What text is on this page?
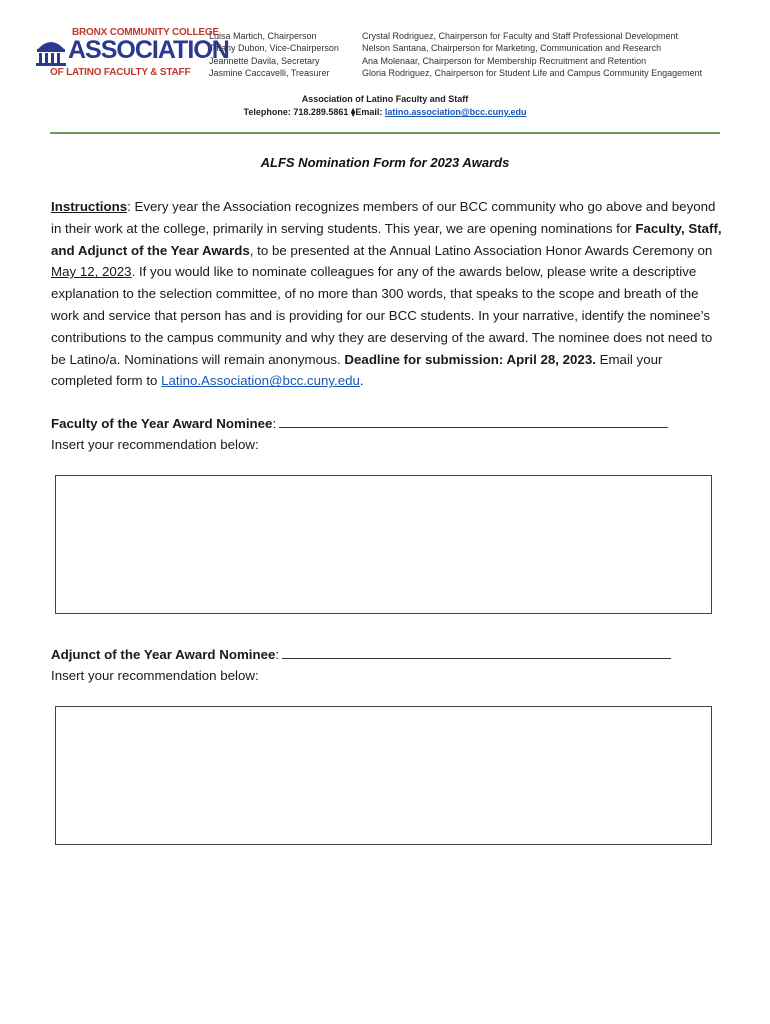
BRONX COMMUNITY COLLEGE
ASSOCIATION
OF LATINO FACULTY & STAFF
Luisa Martich, Chairperson
Tiffany Dubon, Vice-Chairperson
Jeannette Davila, Secretary
Jasmine Caccavelli, Treasurer
Crystal Rodriguez, Chairperson for Faculty and Staff Professional Development
Nelson Santana, Chairperson for Marketing, Communication and Research
Ana Molenaar, Chairperson for Membership Recruitment and Retention
Gloria Rodriguez, Chairperson for Student Life and Campus Community Engagement
Association of Latino Faculty and Staff
Telephone: 718.289.5861 ⧫Email: latino.association@bcc.cuny.edu
ALFS Nomination Form for 2023 Awards
Instructions: Every year the Association recognizes members of our BCC community who go above and beyond in their work at the college, primarily in serving students. This year, we are opening nominations for Faculty, Staff, and Adjunct of the Year Awards, to be presented at the Annual Latino Association Honor Awards Ceremony on May 12, 2023. If you would like to nominate colleagues for any of the awards below, please write a descriptive explanation to the selection committee, of no more than 300 words, that speaks to the scope and breath of the work and service that person has and is providing for our BCC students. In your narrative, identify the nominee’s contributions to the campus community and why they are deserving of the award. The nominee does not need to be Latino/a. Nominations will remain anonymous. Deadline for submission: April 28, 2023. Email your completed form to Latino.Association@bcc.cuny.edu.
Faculty of the Year Award Nominee:
Insert your recommendation below:
Adjunct of the Year Award Nominee:
Insert your recommendation below:
